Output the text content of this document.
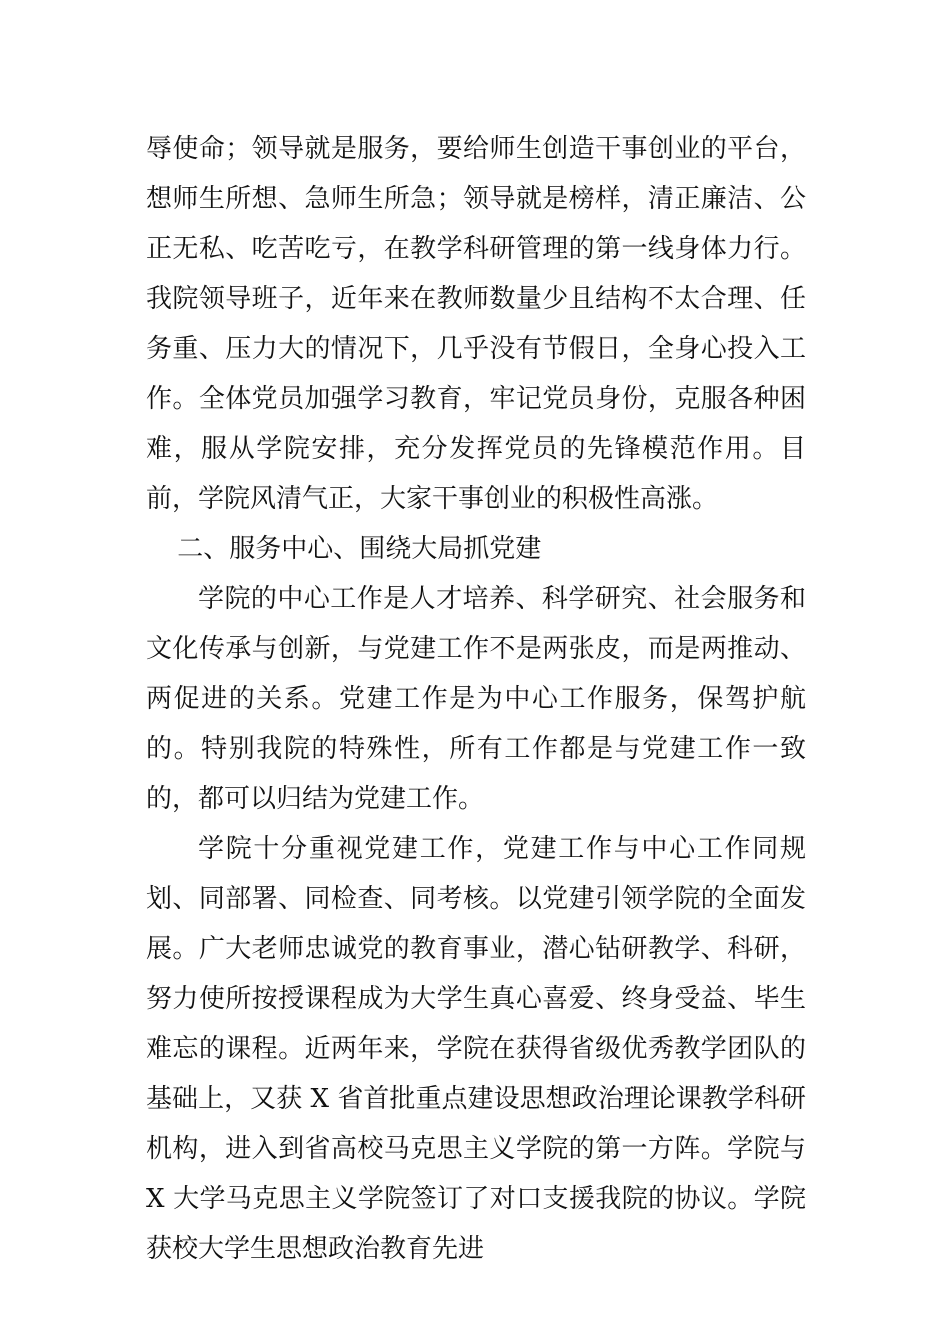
辱使命；领导就是服务，要给师生创造干事创业的平台，想师生所想、急师生所急；领导就是榜样，清正廉洁、公正无私、吃苦吃亏，在教学科研管理的第一线身体力行。我院领导班子，近年来在教师数量少且结构不太合理、任务重、压力大的情况下，几乎没有节假日，全身心投入工作。全体党员加强学习教育，牢记党员身份，克服各种困难，服从学院安排，充分发挥党员的先锋模范作用。目前，学院风清气正，大家干事创业的积极性高涨。

二、服务中心、围绕大局抓党建

学院的中心工作是人才培养、科学研究、社会服务和文化传承与创新，与党建工作不是两张皮，而是两推动、两促进的关系。党建工作是为中心工作服务，保驾护航的。特别我院的特殊性，所有工作都是与党建工作一致的，都可以归结为党建工作。

学院十分重视党建工作，党建工作与中心工作同规划、同部署、同检查、同考核。以党建引领学院的全面发展。广大老师忠诚党的教育事业，潜心钻研教学、科研，努力使所按授课程成为大学生真心喜爱、终身受益、毕生难忘的课程。近两年来，学院在获得省级优秀教学团队的基础上，又获 X 省首批重点建设思想政治理论课教学科研机构，进入到省高校马克思主义学院的第一方阵。学院与 X 大学马克思主义学院签订了对口支援我院的协议。学院获校大学生思想政治教育先进
